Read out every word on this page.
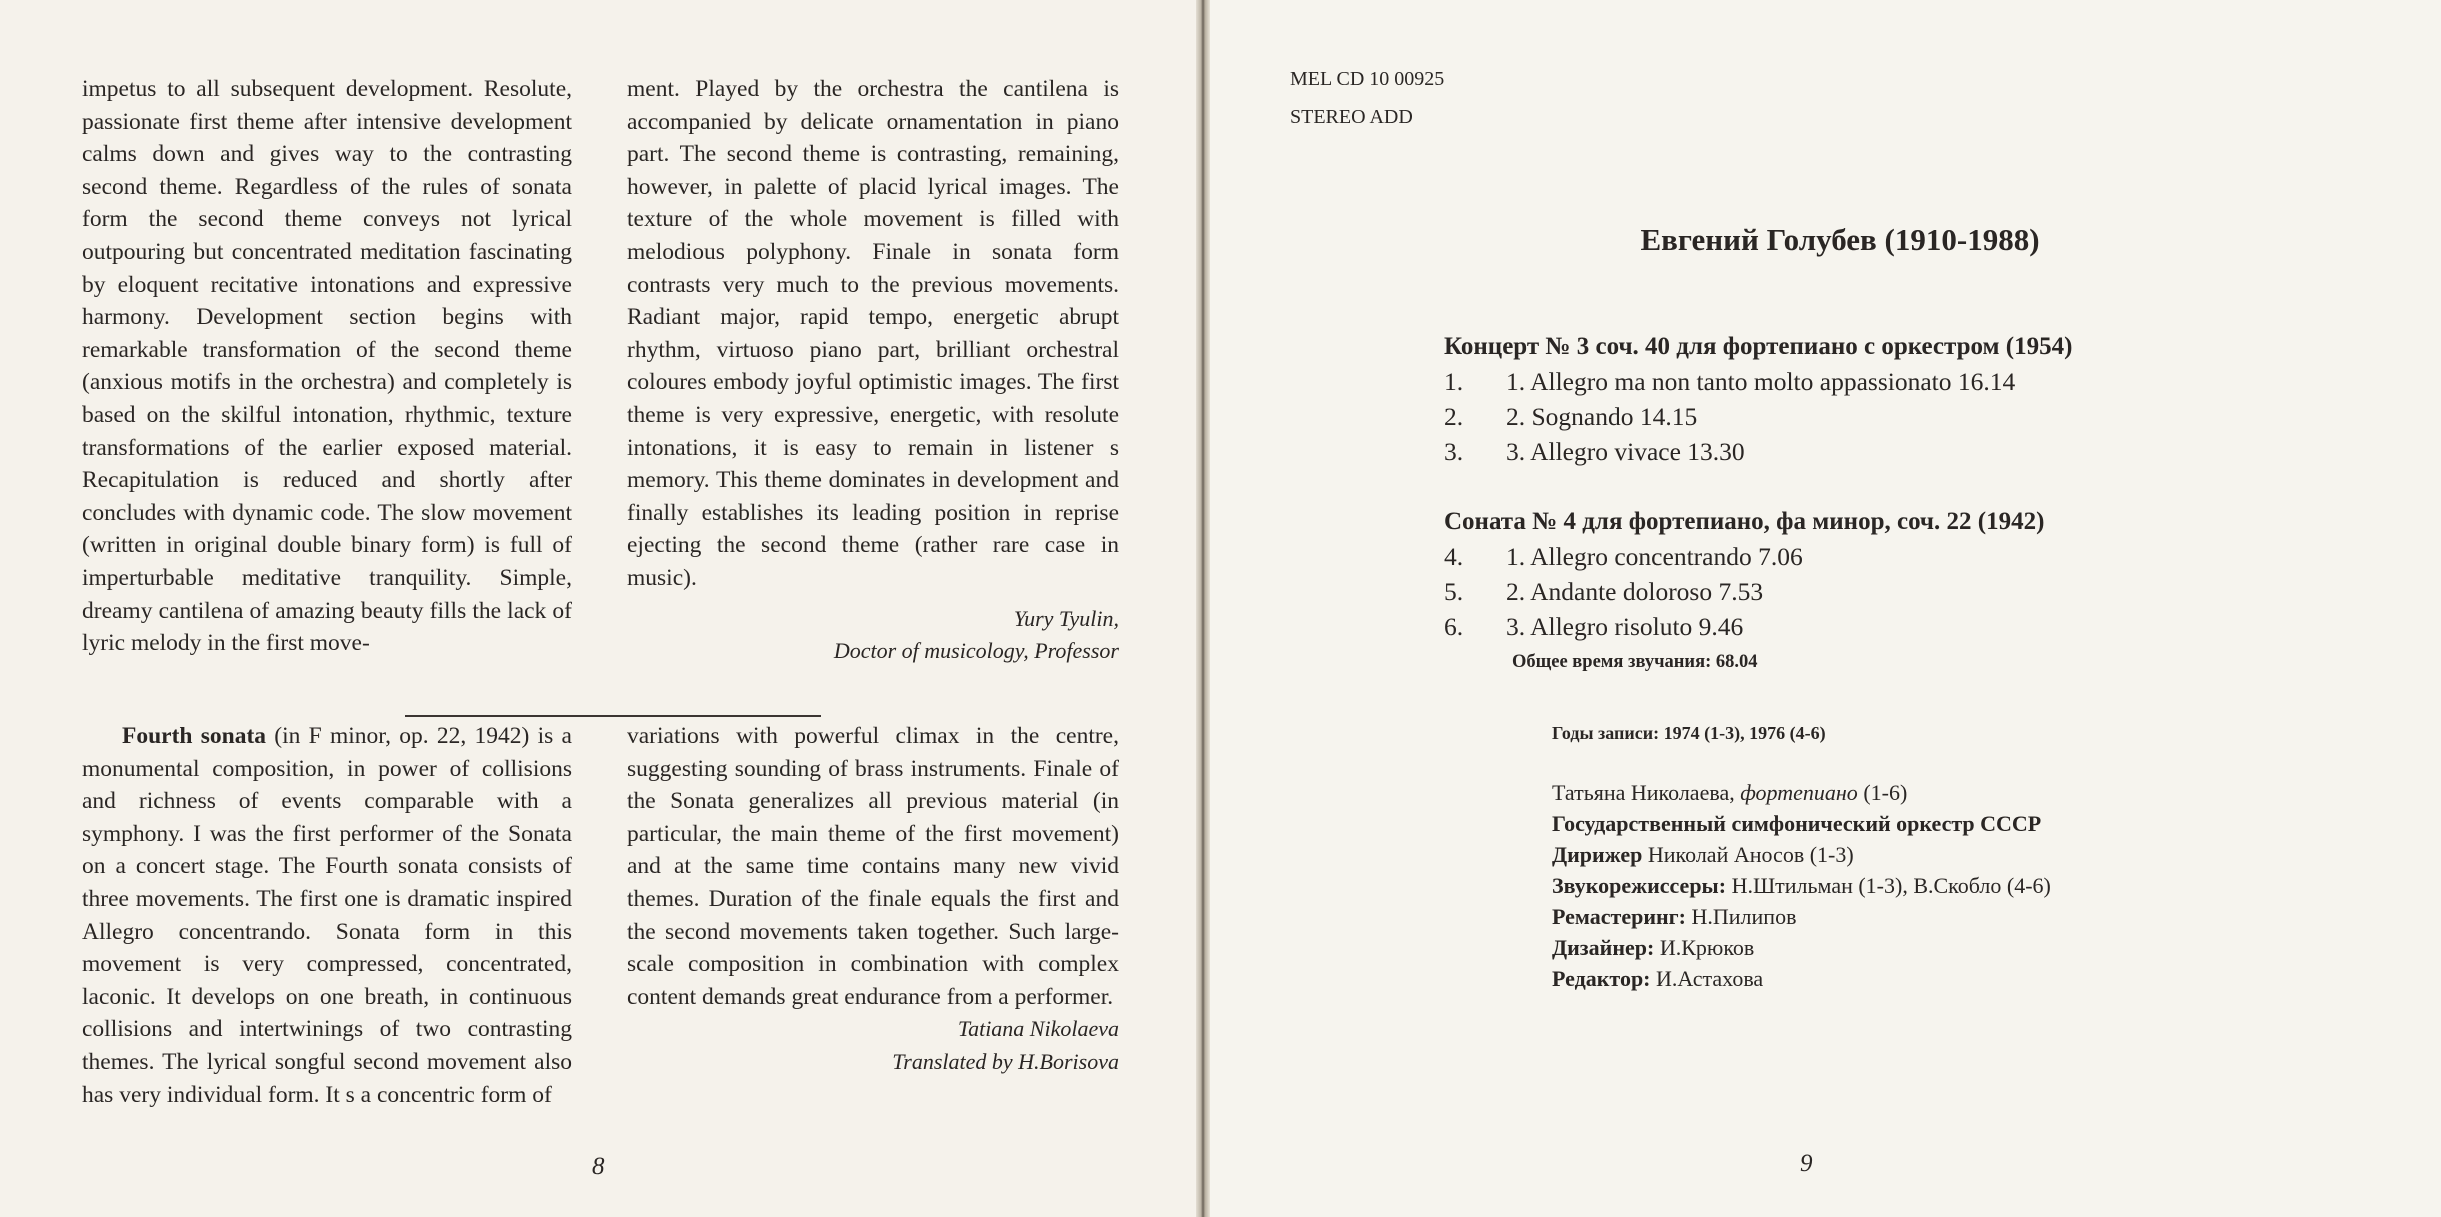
impetus to all subsequent development. Resolute, passionate first theme after intensive development calms down and gives way to the contrasting second theme. Regardless of the rules of sonata form the second theme conveys not lyrical outpouring but concentrated meditation fascinating by eloquent recitative intonations and expressive harmony. Development section begins with remarkable transformation of the second theme (anxious motifs in the orchestra) and completely is based on the skilful intonation, rhythmic, texture transformations of the earlier exposed material. Recapitulation is reduced and shortly after concludes with dynamic code. The slow movement (written in original double binary form) is full of imperturbable meditative tranquility. Simple, dreamy cantilena of amazing beauty fills the lack of lyric melody in the first move-

ment. Played by the orchestra the cantilena is accompanied by delicate ornamentation in piano part. The second theme is contrasting, remaining, however, in palette of placid lyrical images. The texture of the whole movement is filled with melodious polyphony. Finale in sonata form contrasts very much to the previous movements. Radiant major, rapid tempo, energetic abrupt rhythm, virtuoso piano part, brilliant orchestral coloures embody joyful optimistic images. The first theme is very expressive, energetic, with resolute intonations, it is easy to remain in listener s memory. This theme dominates in development and finally establishes its leading position in reprise ejecting the second theme (rather rare case in music).

Yury Tyulin,

Doctor of musicology, Professor

Fourth sonata (in F minor, op. 22, 1942) is a monumental composition, in power of collisions and richness of events comparable with a symphony. I was the first performer of the Sonata on a concert stage. The Fourth sonata consists of three movements. The first one is dramatic inspired Allegro concentrando. Sonata form in this movement is very compressed, concentrated, laconic. It develops on one breath, in continuous collisions and intertwinings of two contrasting themes. The lyrical songful second movement also has very individual form. It s a concentric form of

variations with powerful climax in the centre, suggesting sounding of brass instruments. Finale of the Sonata generalizes all previous material (in particular, the main theme of the first movement) and at the same time contains many new vivid themes. Duration of the finale equals the first and the second movements taken together. Such large-scale composition in combination with complex content demands great endurance from a performer.

Tatiana Nikolaeva

Translated by H.Borisova

8
MEL CD 10 00925
STEREO ADD
Евгений Голубев (1910-1988)
Концерт № 3 соч. 40 для фортепиано с оркестром (1954)
1. 1. Allegro ma non tanto molto appassionato 16.14
2. 2. Sognando 14.15
3. 3. Allegro vivace 13.30
Соната № 4 для фортепиано, фа минор, соч. 22 (1942)
4. 1. Allegro concentrando 7.06
5. 2. Andante doloroso 7.53
6. 3. Allegro risoluto 9.46
Общее время звучания: 68.04
Годы записи: 1974 (1-3), 1976 (4-6)
Татьяна Николаева, фортепиано (1-6)
Государственный симфонический оркестр СССР
Дирижер Николай Аносов (1-3)
Звукорежиссеры: Н.Штильман (1-3), В.Скобло (4-6)
Ремастеринг: Н.Пилипов
Дизайнер: И.Крюков
Редактор: И.Астахова
9
